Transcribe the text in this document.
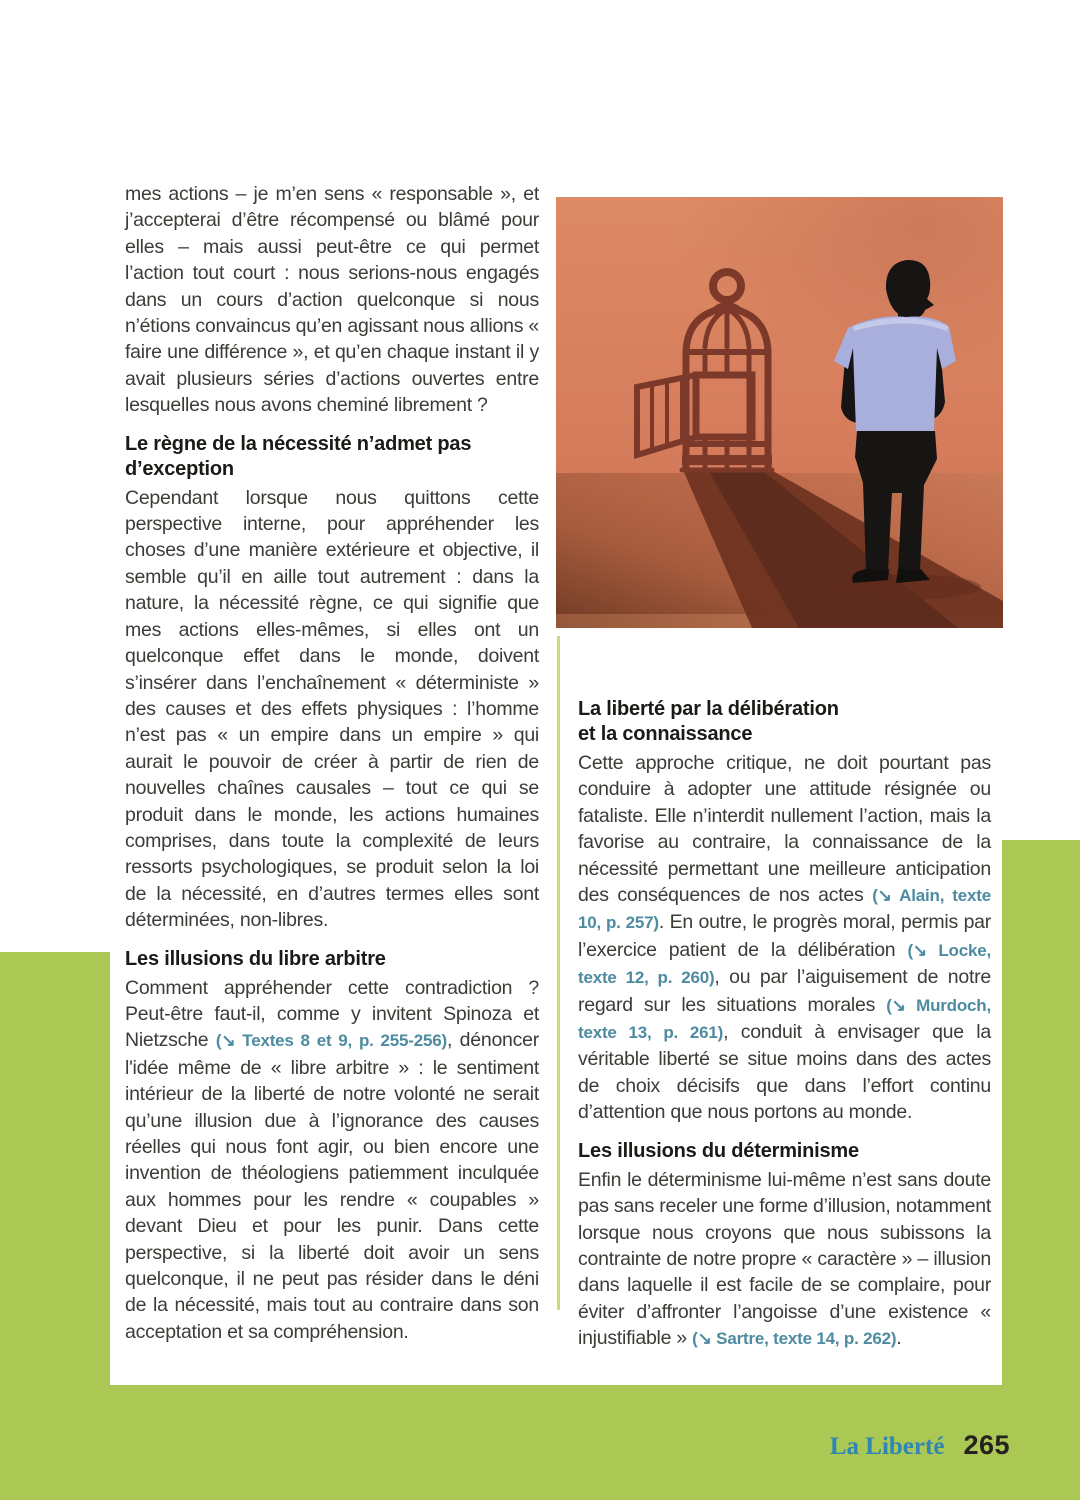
mes actions – je m’en sens « responsable », et j’accepterai d’être récompensé ou blâmé pour elles – mais aussi peut-être ce qui permet l’action tout court : nous serions-nous engagés dans un cours d’action quelconque si nous n’étions convaincus qu’en agissant nous allions « faire une différence », et qu’en chaque instant il y avait plusieurs séries d’actions ouvertes entre lesquelles nous avons cheminé librement ?

Le règne de la nécessité n’admet pas
d’exception

Cependant lorsque nous quittons cette perspective interne, pour appréhender les choses d’une manière extérieure et objective, il semble qu’il en aille tout autrement : dans la nature, la nécessité règne, ce qui signifie que mes actions elles-mêmes, si elles ont un quelconque effet dans le monde, doivent s’insérer dans l’enchaînement « déterministe » des causes et des effets physiques : l’homme n’est pas « un empire dans un empire » qui aurait le pouvoir de créer à partir de rien de nouvelles chaînes causales – tout ce qui se produit dans le monde, les actions humaines comprises, dans toute la complexité de leurs ressorts psychologiques, se produit selon la loi de la nécessité, en d’autres termes elles sont déterminées, non-libres.

Les illusions du libre arbitre

Comment appréhender cette contradiction ? Peut-être faut-il, comme y invitent Spinoza et Nietzsche (↘ Textes 8 et 9, p. 255-256), dénoncer l'idée même de « libre arbitre » : le sentiment intérieur de la liberté de notre volonté ne serait qu’une illusion due à l’ignorance des causes réelles qui nous font agir, ou bien encore une invention de théologiens patiemment inculquée aux hommes pour les rendre « coupables » devant Dieu et pour les punir. Dans cette perspective, si la liberté doit avoir un sens quelconque, il ne peut pas résider dans le déni de la nécessité, mais tout au contraire dans son acceptation et sa compréhension.

La liberté par la délibération
et la connaissance

Cette approche critique, ne doit pourtant pas conduire à adopter une attitude résignée ou fataliste. Elle n’interdit nullement l’action, mais la favorise au contraire, la connaissance de la nécessité permettant une meilleure anticipation des conséquences de nos actes (↘ Alain, texte 10, p. 257). En outre, le progrès moral, permis par l’exercice patient de la délibération (↘ Locke, texte 12, p. 260), ou par l’aiguisement de notre regard sur les situations morales (↘ Murdoch, texte 13, p. 261), conduit à envisager que la véritable liberté se situe moins dans des actes de choix décisifs que dans l’effort continu d’attention que nous portons au monde.

Les illusions du déterminisme

Enfin le déterminisme lui-même n’est sans doute pas sans receler une forme d’illusion, notamment lorsque nous croyons que nous subissons la contrainte de notre propre « caractère » – illusion dans laquelle il est facile de se complaire, pour éviter d’affronter l’angoisse d’une existence « injustifiable » (↘ Sartre, texte 14, p. 262).

La Liberté 265
